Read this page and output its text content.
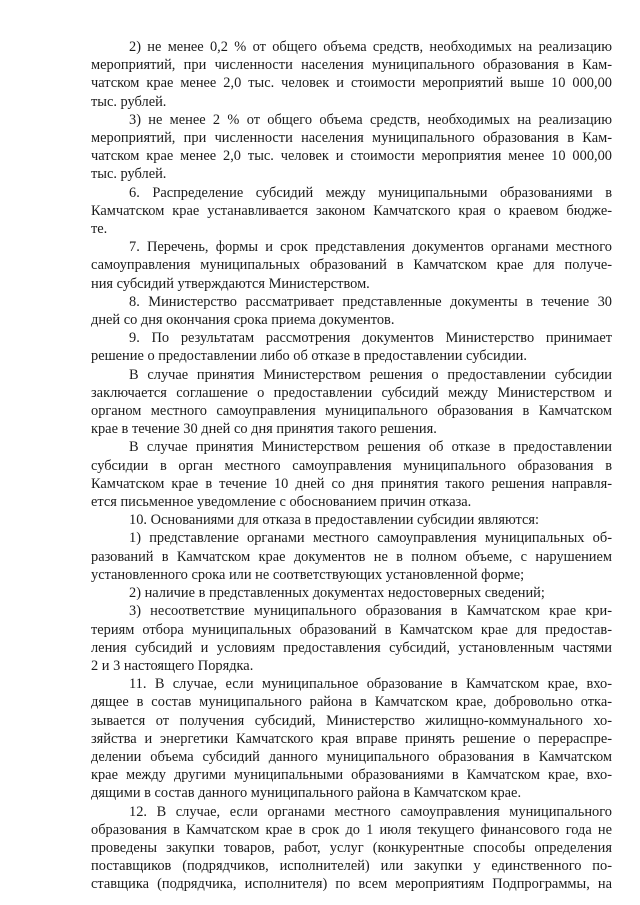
2) не менее 0,2 % от общего объема средств, необходимых на реализацию
мероприятий, при численности населения муниципального образования в Кам-
чатском крае менее 2,0 тыс. человек и стоимости мероприятий выше 10 000,00
тыс. рублей.

3) не менее 2 % от общего объема средств, необходимых на реализацию
мероприятий, при численности населения муниципального образования в Кам-
чатском крае менее 2,0 тыс. человек и стоимости мероприятия менее 10 000,00
тыс. рублей.

6. Распределение субсидий между муниципальными образованиями в
Камчатском крае устанавливается законом Камчатского края о краевом бюдже-
те.

7. Перечень, формы и срок представления документов органами местного
самоуправления муниципальных образований в Камчатском крае для получе-
ния субсидий утверждаются Министерством.

8. Министерство рассматривает представленные документы в течение 30
дней со дня окончания срока приема документов.

9. По результатам рассмотрения документов Министерство принимает
решение о предоставлении либо об отказе в предоставлении субсидии.

В случае принятия Министерством решения о предоставлении субсидии
заключается соглашение о предоставлении субсидий между Министерством и
органом местного самоуправления муниципального образования в Камчатском
крае в течение 30 дней со дня принятия такого решения.

В случае принятия Министерством решения об отказе в предоставлении
субсидии в орган местного самоуправления муниципального образования в
Камчатском крае в течение 10 дней со дня принятия такого решения направля-
ется письменное уведомление с обоснованием причин отказа.

10. Основаниями для отказа в предоставлении субсидии являются:

1) представление органами местного самоуправления муниципальных об-
разований в Камчатском крае документов не в полном объеме, с нарушением
установленного срока или не соответствующих установленной форме;

2) наличие в представленных документах недостоверных сведений;

3) несоответствие муниципального образования в Камчатском крае кри-
териям отбора муниципальных образований в Камчатском крае для предостав-
ления субсидий и условиям предоставления субсидий, установленным частями
2 и 3 настоящего Порядка.

11. В случае, если муниципальное образование в Камчатском крае, вхо-
дящее в состав муниципального района в Камчатском крае, добровольно отка-
зывается от получения субсидий, Министерство жилищно-коммунального хо-
зяйства и энергетики Камчатского края вправе принять решение о перераспре-
делении объема субсидий данного муниципального образования в Камчатском
крае между другими муниципальными образованиями в Камчатском крае, вхо-
дящими в состав данного муниципального района в Камчатском крае.

12. В случае, если органами местного самоуправления муниципального
образования в Камчатском крае в срок до 1 июля текущего финансового года не
проведены закупки товаров, работ, услуг (конкурентные способы определения
поставщиков (подрядчиков, исполнителей) или закупки у единственного по-
ставщика (подрядчика, исполнителя) по всем мероприятиям Подпрограммы, на
